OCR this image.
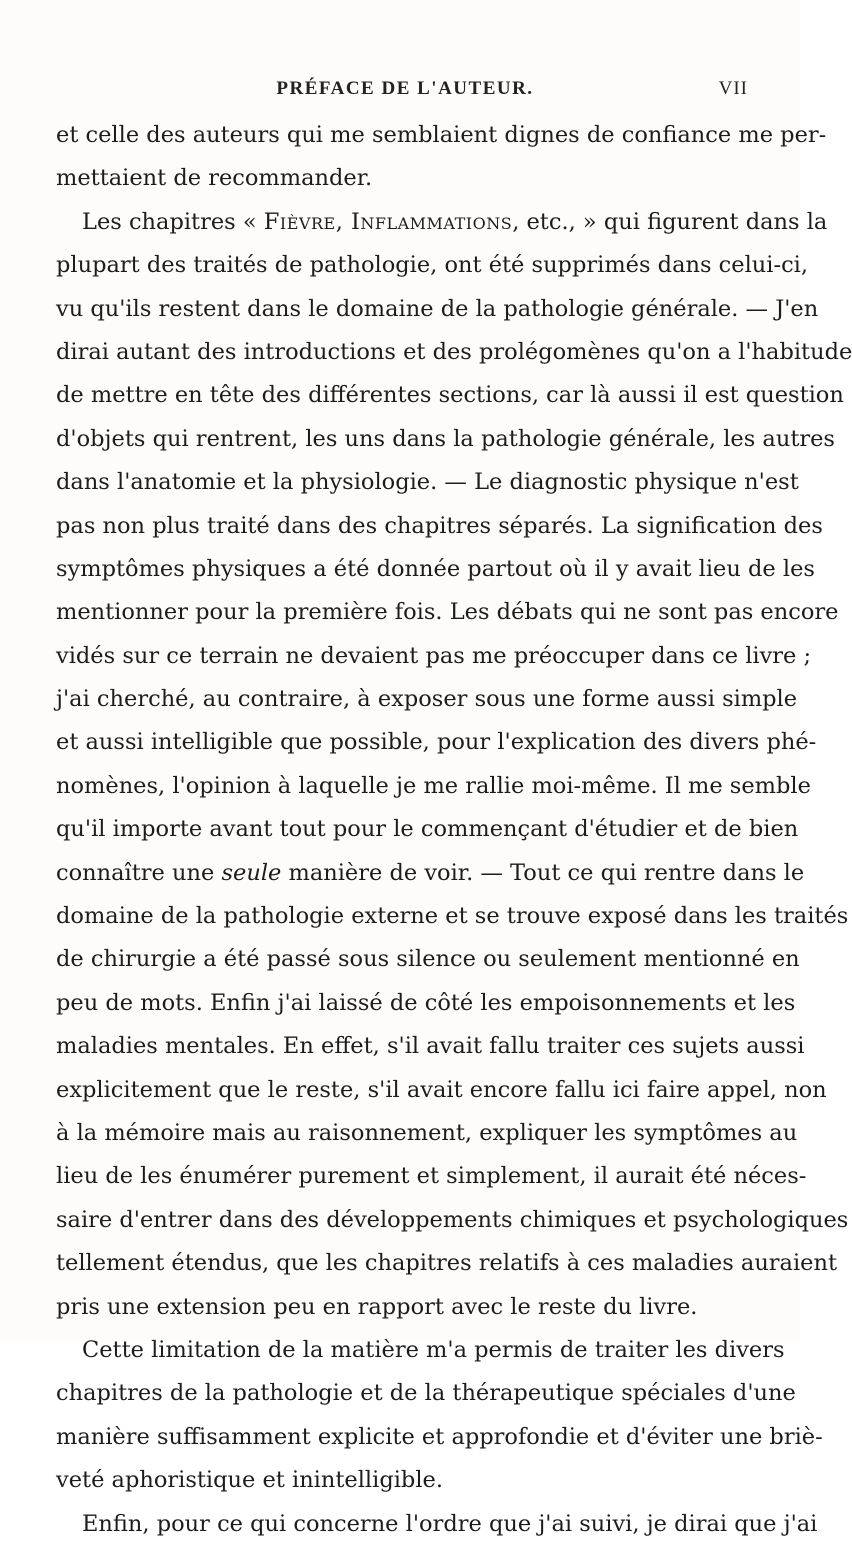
PRÉFACE DE L'AUTEUR.	VII
et celle des auteurs qui me semblaient dignes de confiance me per-
mettaient de recommander.
Les chapitres « Fièvre, Inflammations, etc., » qui figurent dans la
plupart des traités de pathologie, ont été supprimés dans celui-ci,
vu qu'ils restent dans le domaine de la pathologie générale. — J'en
dirai autant des introductions et des prolégomènes qu'on a l'habitude
de mettre en tête des différentes sections, car là aussi il est question
d'objets qui rentrent, les uns dans la pathologie générale, les autres
dans l'anatomie et la physiologie. — Le diagnostic physique n'est
pas non plus traité dans des chapitres séparés. La signification des
symptômes physiques a été donnée partout où il y avait lieu de les
mentionner pour la première fois. Les débats qui ne sont pas encore
vidés sur ce terrain ne devaient pas me préoccuper dans ce livre ;
j'ai cherché, au contraire, à exposer sous une forme aussi simple
et aussi intelligible que possible, pour l'explication des divers phé-
nomènes, l'opinion à laquelle je me rallie moi-même. Il me semble
qu'il importe avant tout pour le commençant d'étudier et de bien
connaître une seule manière de voir. — Tout ce qui rentre dans le
domaine de la pathologie externe et se trouve exposé dans les traités
de chirurgie a été passé sous silence ou seulement mentionné en
peu de mots. Enfin j'ai laissé de côté les empoisonnements et les
maladies mentales. En effet, s'il avait fallu traiter ces sujets aussi
explicitement que le reste, s'il avait encore fallu ici faire appel, non
à la mémoire mais au raisonnement, expliquer les symptômes au
lieu de les énumérer purement et simplement, il aurait été néces-
saire d'entrer dans des développements chimiques et psychologiques
tellement étendus, que les chapitres relatifs à ces maladies auraient
pris une extension peu en rapport avec le reste du livre.
Cette limitation de la matière m'a permis de traiter les divers
chapitres de la pathologie et de la thérapeutique spéciales d'une
manière suffisamment explicite et approfondie et d'éviter une briè-
veté aphoristique et inintelligible.
Enfin, pour ce qui concerne l'ordre que j'ai suivi, je dirai que j'ai
